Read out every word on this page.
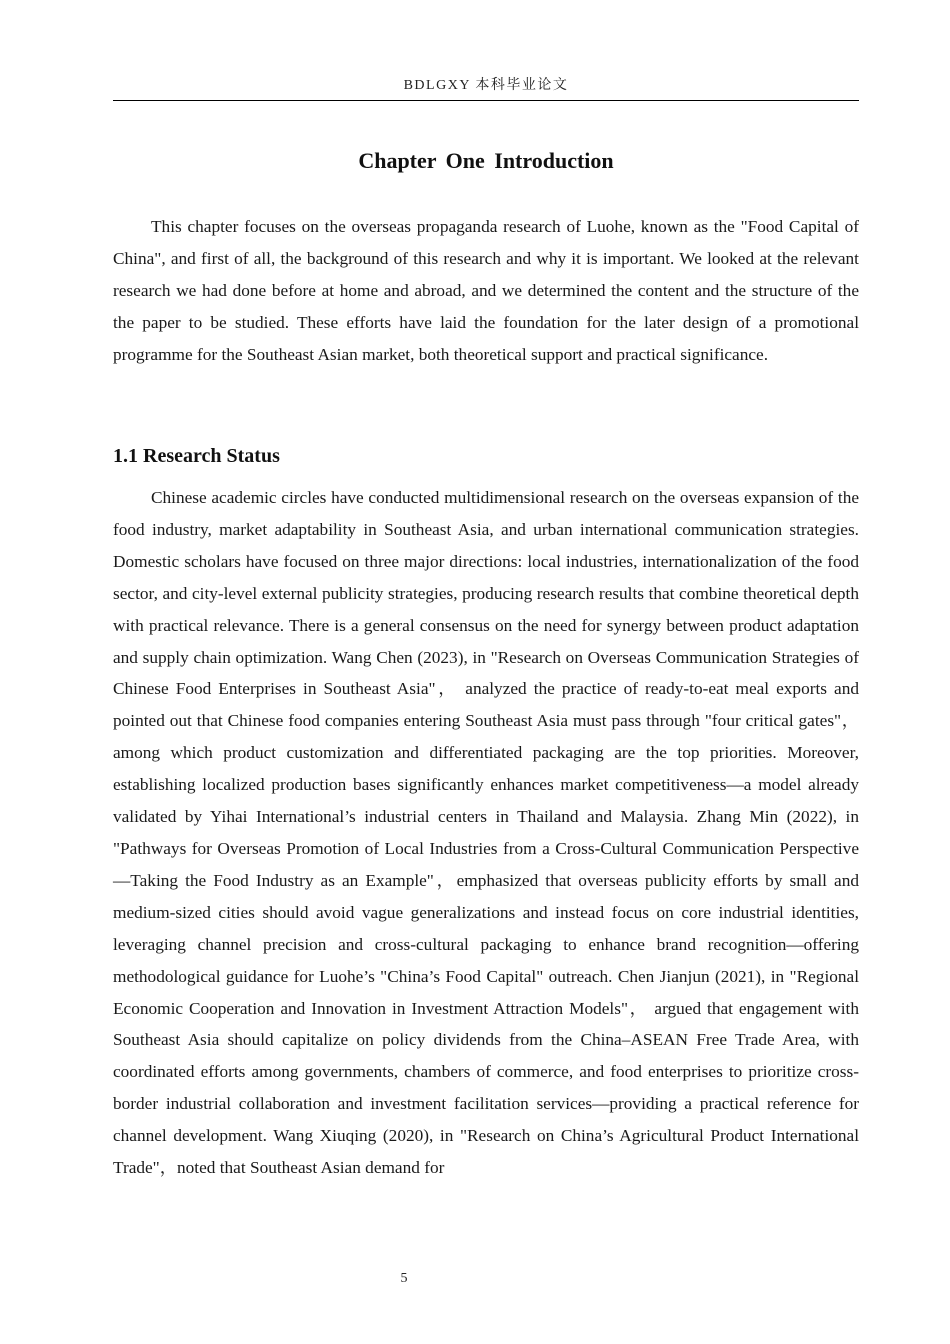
BDLGXY 本科毕业论文
Chapter One Introduction

This chapter focuses on the overseas propaganda research of Luohe, known as the "Food Capital of China", and first of all, the background of this research and why it is important. We looked at the relevant research we had done before at home and abroad, and we determined the content and the structure of the the paper to be studied. These efforts have laid the foundation for the later design of a promotional programme for the Southeast Asian market, both theoretical support and practical significance.

1.1 Research Status

Chinese academic circles have conducted multidimensional research on the overseas expansion of the food industry, market adaptability in Southeast Asia, and urban international communication strategies. Domestic scholars have focused on three major directions: local industries, internationalization of the food sector, and city-level external publicity strategies, producing research results that combine theoretical depth with practical relevance. There is a general consensus on the need for synergy between product adaptation and supply chain optimization. Wang Chen (2023), in "Research on Overseas Communication Strategies of Chinese Food Enterprises in Southeast Asia"， analyzed the practice of ready-to-eat meal exports and pointed out that Chinese food companies entering Southeast Asia must pass through "four critical gates"，among which product customization and differentiated packaging are the top priorities. Moreover, establishing localized production bases significantly enhances market competitiveness—a model already validated by Yihai International’s industrial centers in Thailand and Malaysia. Zhang Min (2022), in "Pathways for Overseas Promotion of Local Industries from a Cross-Cultural Communication Perspective—Taking the Food Industry as an Example"，emphasized that overseas publicity efforts by small and medium-sized cities should avoid vague generalizations and instead focus on core industrial identities, leveraging channel precision and cross-cultural packaging to enhance brand recognition—offering methodological guidance for Luohe’s "China’s Food Capital" outreach. Chen Jianjun (2021), in "Regional Economic Cooperation and Innovation in Investment Attraction Models"， argued that engagement with Southeast Asia should capitalize on policy dividends from the China–ASEAN Free Trade Area, with coordinated efforts among governments, chambers of commerce, and food enterprises to prioritize cross-border industrial collaboration and investment facilitation services—providing a practical reference for channel development. Wang Xiuqing (2020), in "Research on China’s Agricultural Product International Trade"，noted that Southeast Asian demand for

5
